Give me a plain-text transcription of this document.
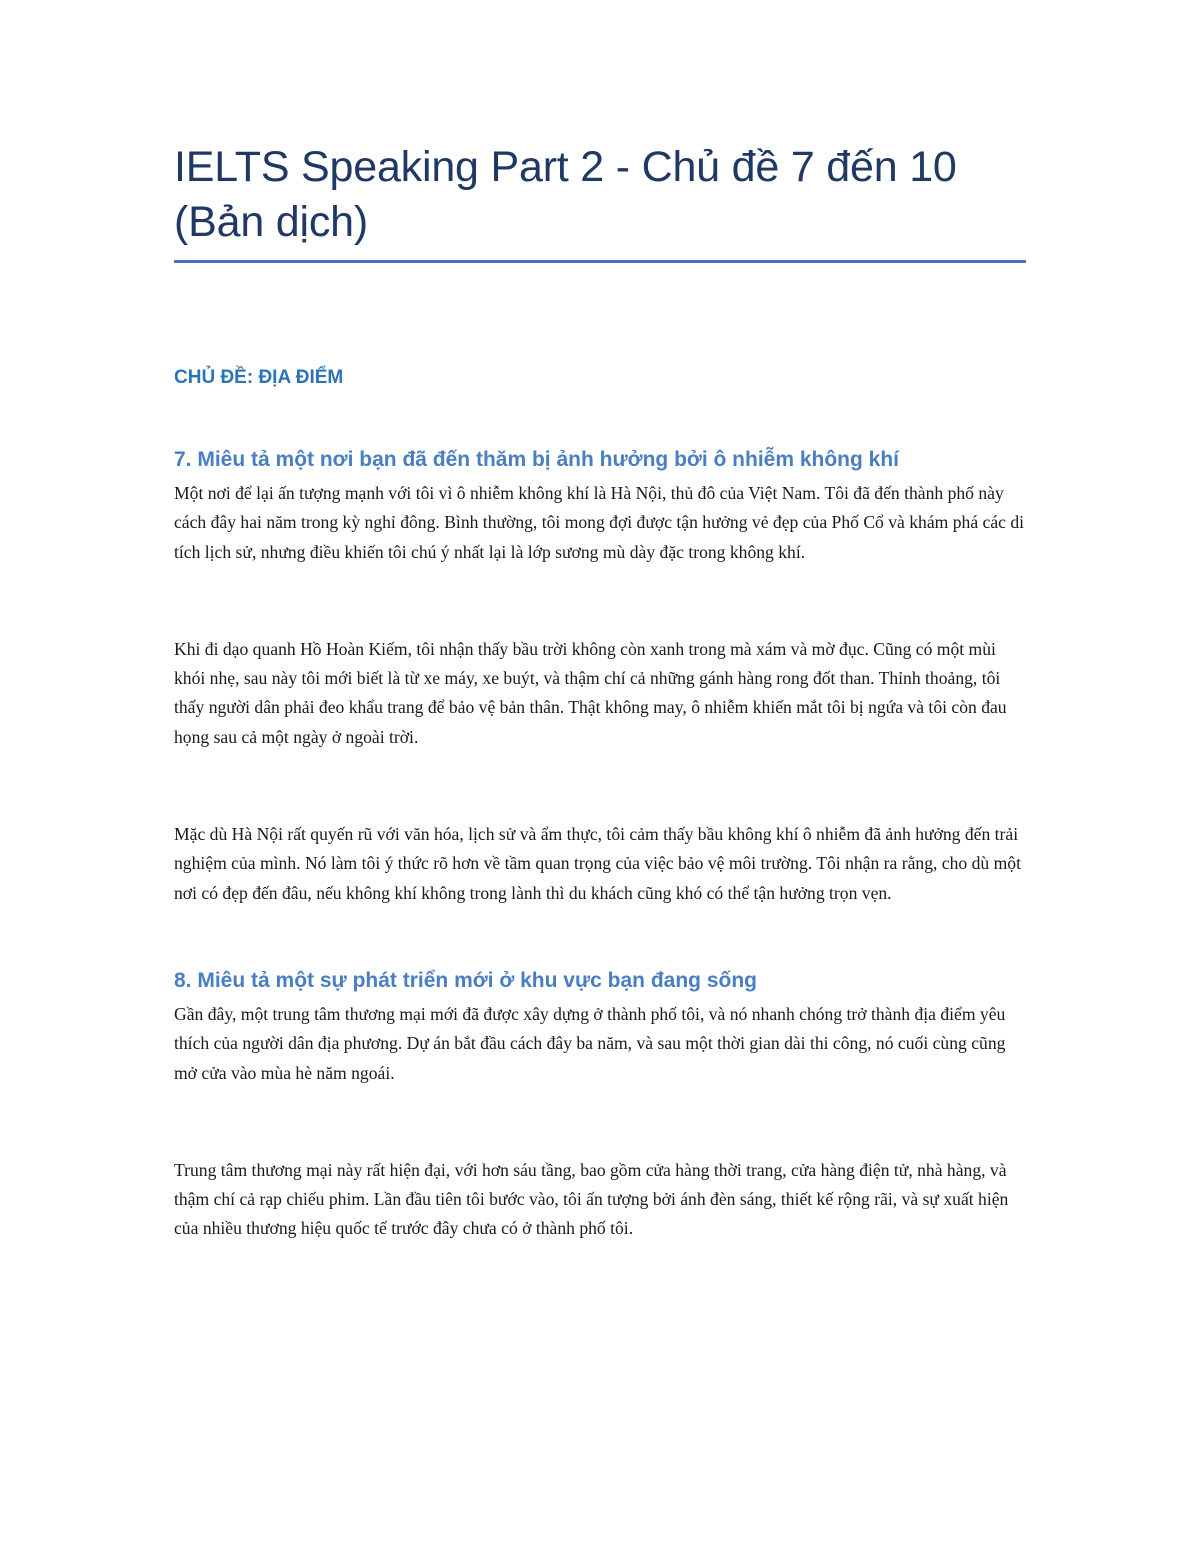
IELTS Speaking Part 2 - Chủ đề 7 đến 10
(Bản dịch)
CHỦ ĐỀ: ĐỊA ĐIỂM
7. Miêu tả một nơi bạn đã đến thăm bị ảnh hưởng bởi ô nhiễm không khí

Một nơi để lại ấn tượng mạnh với tôi vì ô nhiễm không khí là Hà Nội, thủ đô của Việt Nam. Tôi đã đến thành phố này cách đây hai năm trong kỳ nghỉ đông. Bình thường, tôi mong đợi được tận hưởng vẻ đẹp của Phố Cổ và khám phá các di tích lịch sử, nhưng điều khiến tôi chú ý nhất lại là lớp sương mù dày đặc trong không khí.

Khi đi dạo quanh Hồ Hoàn Kiếm, tôi nhận thấy bầu trời không còn xanh trong mà xám và mờ đục. Cũng có một mùi khói nhẹ, sau này tôi mới biết là từ xe máy, xe buýt, và thậm chí cả những gánh hàng rong đốt than. Thỉnh thoảng, tôi thấy người dân phải đeo khẩu trang để bảo vệ bản thân. Thật không may, ô nhiễm khiến mắt tôi bị ngứa và tôi còn đau họng sau cả một ngày ở ngoài trời.

Mặc dù Hà Nội rất quyến rũ với văn hóa, lịch sử và ẩm thực, tôi cảm thấy bầu không khí ô nhiễm đã ảnh hưởng đến trải nghiệm của mình. Nó làm tôi ý thức rõ hơn về tầm quan trọng của việc bảo vệ môi trường. Tôi nhận ra rằng, cho dù một nơi có đẹp đến đâu, nếu không khí không trong lành thì du khách cũng khó có thể tận hưởng trọn vẹn.

8. Miêu tả một sự phát triển mới ở khu vực bạn đang sống

Gần đây, một trung tâm thương mại mới đã được xây dựng ở thành phố tôi, và nó nhanh chóng trở thành địa điểm yêu thích của người dân địa phương. Dự án bắt đầu cách đây ba năm, và sau một thời gian dài thi công, nó cuối cùng cũng mở cửa vào mùa hè năm ngoái.

Trung tâm thương mại này rất hiện đại, với hơn sáu tầng, bao gồm cửa hàng thời trang, cửa hàng điện tử, nhà hàng, và thậm chí cả rạp chiếu phim. Lần đầu tiên tôi bước vào, tôi ấn tượng bởi ánh đèn sáng, thiết kế rộng rãi, và sự xuất hiện của nhiều thương hiệu quốc tế trước đây chưa có ở thành phố tôi.
